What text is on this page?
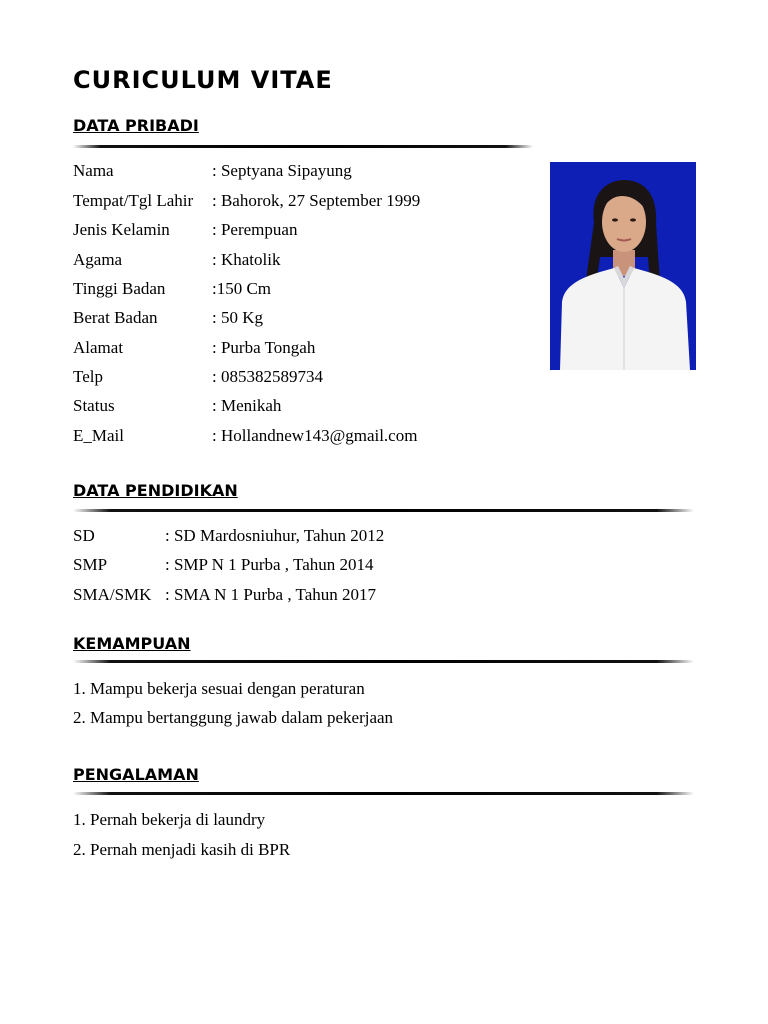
CURICULUM VITAE
DATA PRIBADI
Nama	: Septyana Sipayung
Tempat/Tgl Lahir : Bahorok, 27 September 1999
Jenis Kelamin : Perempuan
Agama	: Khatolik
Tinggi Badan	:150 Cm
Berat Badan	: 50 Kg
Alamat	: Purba Tongah
Telp	: 085382589734
Status	: Menikah
E_Mail	: Hollandnew143@gmail.com
DATA PENDIDIKAN
SD	: SD Mardosniuhur, Tahun 2012
SMP	: SMP N 1 Purba , Tahun 2014
SMA/SMK : SMA N 1 Purba , Tahun 2017
KEMAMPUAN
1. Mampu bekerja sesuai dengan peraturan
2. Mampu bertanggung jawab dalam pekerjaan
PENGALAMAN
1. Pernah bekerja di laundry
2. Pernah menjadi kasih di BPR
